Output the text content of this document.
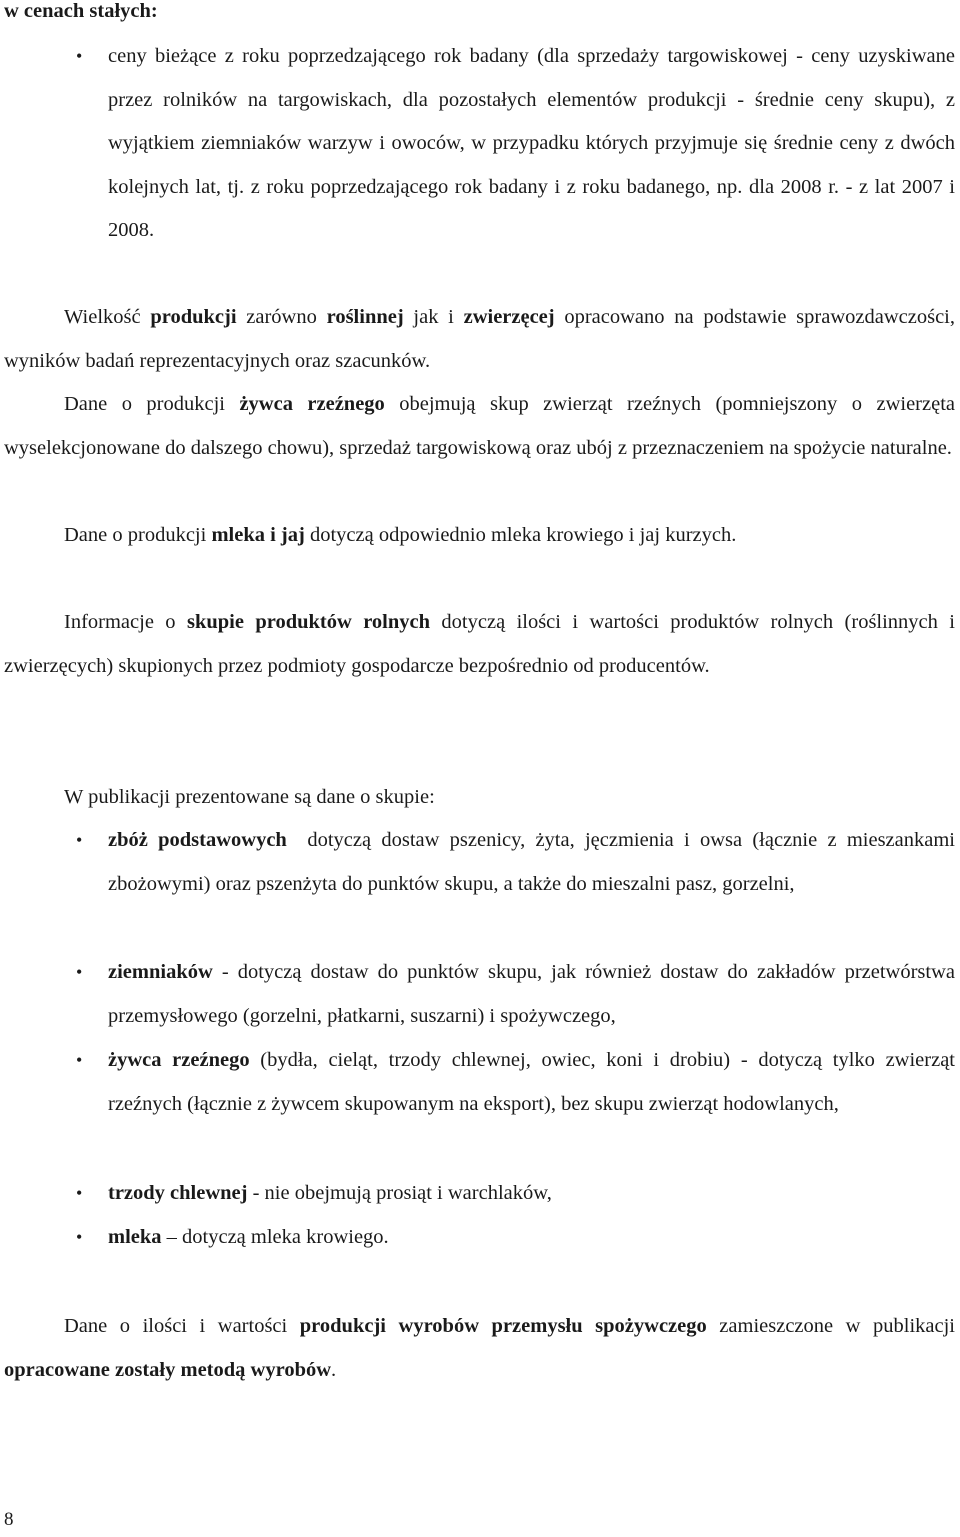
w cenach stałych:

•
ceny bieżące z roku poprzedzającego rok badany (dla sprzedaży targowiskowej - ceny uzyskiwane przez rolników na targowiskach, dla pozostałych elementów produkcji - średnie ceny skupu), z wyjątkiem ziemniaków warzyw i owoców, w przypadku których przyjmuje się średnie ceny z dwóch kolejnych lat, tj. z roku poprzedzającego rok badany i z roku badanego, np. dla 2008 r. - z lat 2007 i 2008.

Wielkość produkcji zarówno roślinnej jak i zwierzęcej opracowano na podstawie sprawozdawczości, wyników badań reprezentacyjnych oraz szacunków.

Dane o produkcji żywca rzeźnego obejmują skup zwierząt rzeźnych (pomniejszony o zwierzęta wyselekcjonowane do dalszego chowu), sprzedaż targowiskową oraz ubój z przeznaczeniem na spożycie naturalne.

Dane o produkcji mleka i jaj dotyczą odpowiednio mleka krowiego i jaj kurzych.

Informacje o skupie produktów rolnych dotyczą ilości i wartości produktów rolnych (roślinnych i zwierzęcych) skupionych przez podmioty gospodarcze bezpośrednio od producentów.

W publikacji prezentowane są dane o skupie:

•
zbóż podstawowych  dotyczą dostaw pszenicy, żyta, jęczmienia i owsa (łącznie z mieszankami zbożowymi) oraz pszenżyta do punktów skupu, a także do mieszalni pasz, gorzelni,
•
ziemniaków - dotyczą dostaw do punktów skupu, jak również dostaw do zakładów przetwórstwa przemysłowego (gorzelni, płatkarni, suszarni) i spożywczego,
•
żywca rzeźnego (bydła, cieląt, trzody chlewnej, owiec, koni i drobiu) - dotyczą tylko zwierząt rzeźnych (łącznie z żywcem skupowanym na eksport), bez skupu zwierząt hodowlanych,
•
trzody chlewnej - nie obejmują prosiąt i warchlaków,
•
mleka – dotyczą mleka krowiego.

Dane o ilości i wartości produkcji wyrobów przemysłu spożywczego zamieszczone w publikacji opracowane zostały metodą wyrobów.

8
